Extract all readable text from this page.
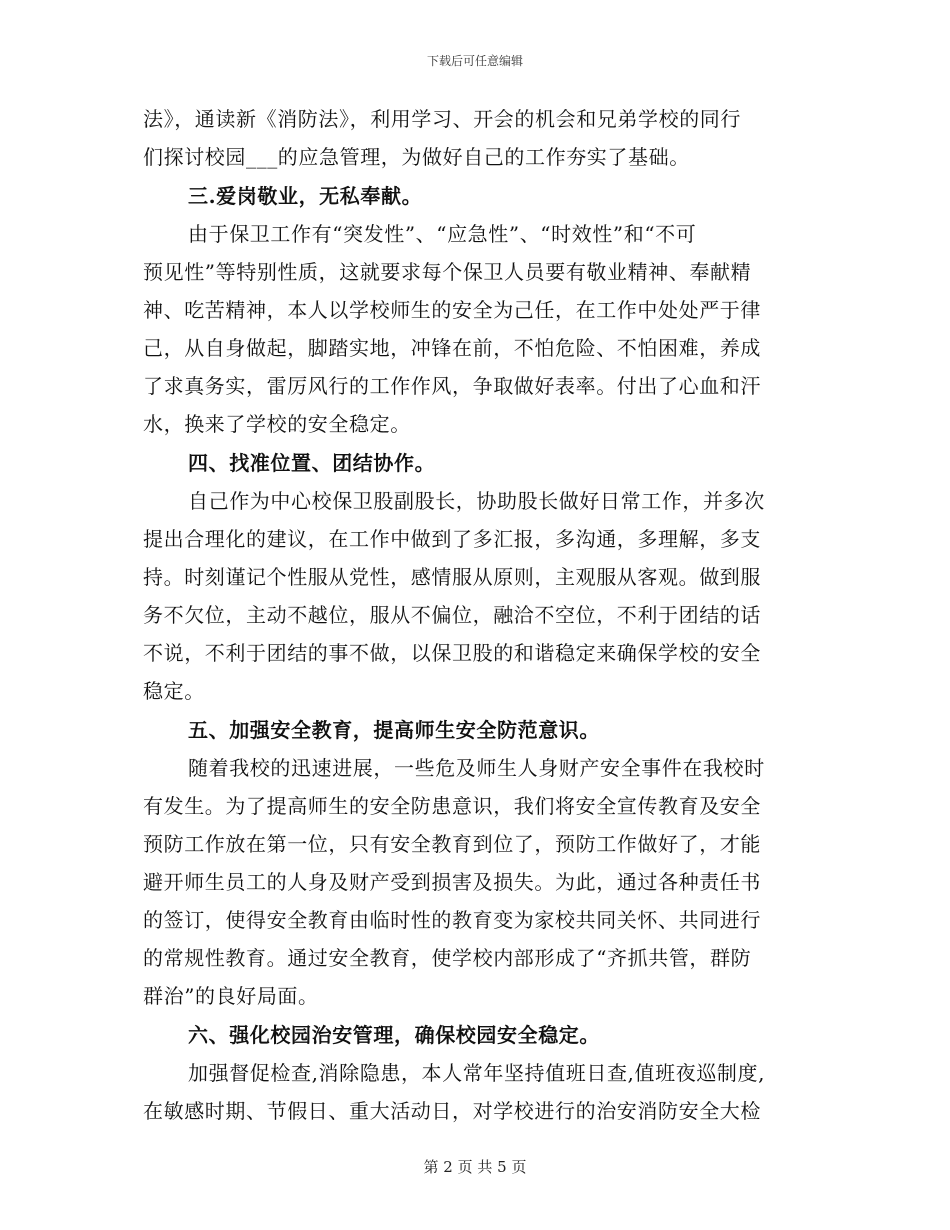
下载后可任意编辑
法》，通读新《消防法》，利用学习、开会的机会和兄弟学校的同行
们探讨校园___的应急管理，为做好自己的工作夯实了基础。
三.爱岗敬业，无私奉献。
由于保卫工作有“突发性”、“应急性”、“时效性”和“不可
预见性”等特别性质，这就要求每个保卫人员要有敬业精神、奉献精
神、吃苦精神，本人以学校师生的安全为己任，在工作中处处严于律
己，从自身做起，脚踏实地，冲锋在前，不怕危险、不怕困难，养成
了求真务实，雷厉风行的工作作风，争取做好表率。付出了心血和汗
水，换来了学校的安全稳定。
四、找准位置、团结协作。
自己作为中心校保卫股副股长，协助股长做好日常工作，并多次
提出合理化的建议，在工作中做到了多汇报，多沟通，多理解，多支
持。时刻谨记个性服从党性，感情服从原则，主观服从客观。做到服
务不欠位，主动不越位，服从不偏位，融洽不空位，不利于团结的话
不说，不利于团结的事不做，以保卫股的和谐稳定来确保学校的安全
稳定。
五、加强安全教育，提高师生安全防范意识。
随着我校的迅速进展，一些危及师生人身财产安全事件在我校时
有发生。为了提高师生的安全防患意识，我们将安全宣传教育及安全
预防工作放在第一位，只有安全教育到位了，预防工作做好了，才能
避开师生员工的人身及财产受到损害及损失。为此，通过各种责任书
的签订，使得安全教育由临时性的教育变为家校共同关怀、共同进行
的常规性教育。通过安全教育，使学校内部形成了“齐抓共管，群防
群治”的良好局面。
六、强化校园治安管理，确保校园安全稳定。
加强督促检查,消除隐患，本人常年坚持值班日查,值班夜巡制度,
在敏感时期、节假日、重大活动日，对学校进行的治安消防安全大检
第 2 页 共 5 页
